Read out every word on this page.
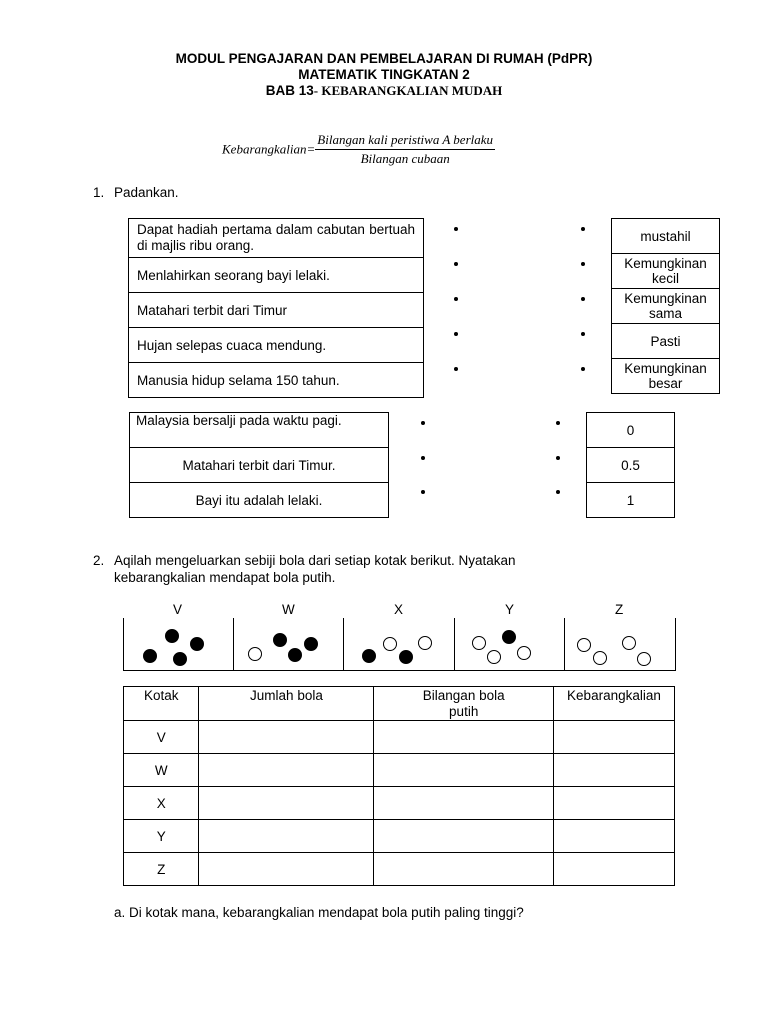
MODUL PENGAJARAN DAN PEMBELAJARAN DI RUMAH (PdPR)
MATEMATIK TINGKATAN 2
BAB 13- KEBARANGKALIAN MUDAH
Kebarangkalian= $\frac{\text{Bilangan kali peristiwa A berlaku}}{\text{Bilangan cubaan}}$
1. Padankan.
Dapat hadiah pertama dalam cabutan bertuah di majlis ribu orang.
Menlahirkan seorang bayi lelaki.
Matahari terbit dari Timur
Hujan selepas cuaca mendung.
Manusia hidup selama 150 tahun.
mustahil
Kemungkinan kecil
Kemungkinan sama
Pasti
Kemungkinan besar
Malaysia bersalji pada waktu pagi.
Matahari terbit dari Timur.
Bayi itu adalah lelaki.
0
0.5
1
2. Aqilah mengeluarkan sebiji bola dari setiap kotak berikut. Nyatakan
kebarangkalian mendapat bola putih.
V	W	X	Y	Z
Kotak	Jumlah bola	Bilangan bola putih	Kebarangkalian
V			
W			
X			
Y			
Z			
a. Di kotak mana, kebarangkalian mendapat bola putih paling tinggi?
